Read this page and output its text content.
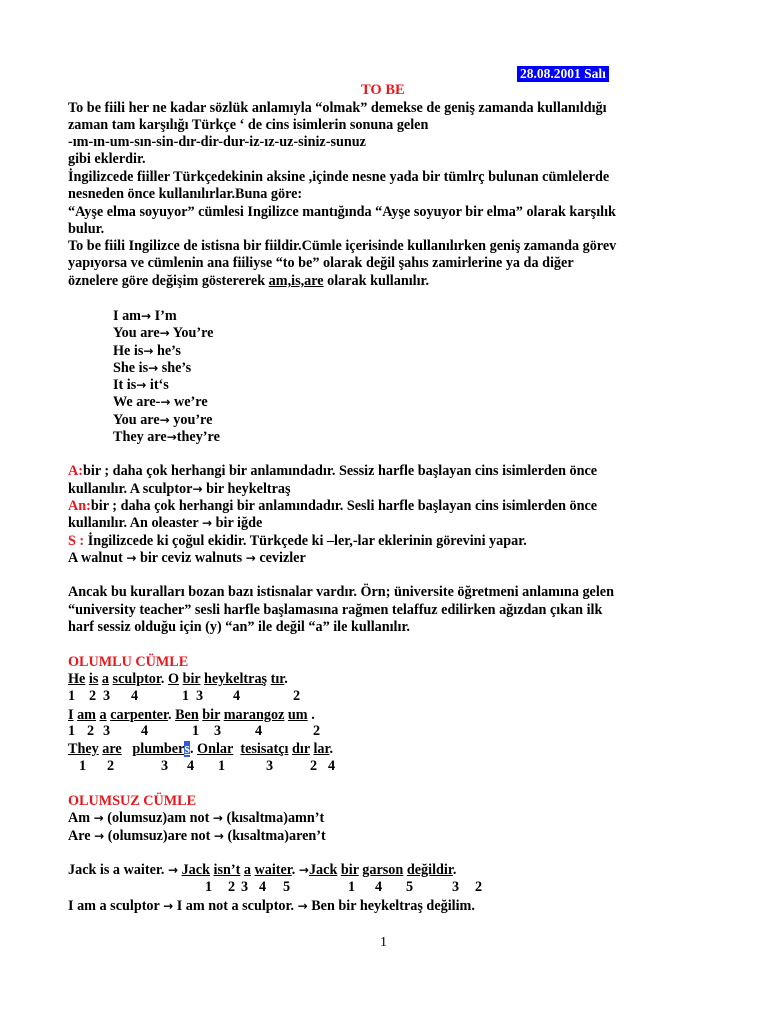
28.08.2001 Salı
TO BE
To be fiili her ne kadar sözlük anlamıyla “olmak” demekse de geniş zamanda kullanıldığı
zaman tam karşılığı Türkçe ‘ de cins isimlerin sonuna gelen
-ım-ın-um-sın-sin-dır-dir-dur-iz-ız-uz-siniz-sunuz
gibi eklerdir.
İngilizcede fiiller Türkçedekinin aksine ,içinde nesne yada bir tümlrç bulunan cümlelerde
nesneden önce kullanılırlar.Buna göre:
“Ayşe elma soyuyor” cümlesi Ingilizce mantığında “Ayşe soyuyor bir elma” olarak karşılık
bulur.
To be fiili Ingilizce de istisna bir fiildir.Cümle içerisinde kullanılırken geniş zamanda görev
yapıyorsa ve cümlenin ana fiiliyse “to be” olarak değil şahıs zamirlerine ya da diğer
öznelere göre değişim göstererek am,is,are olarak kullanılır.
I am→ I’m
You are→ You’re
He is→ he’s
She is→ she’s
It is→ it‘s
We are-→ we’re
You are→ you’re
They are→they’re
A:bir ; daha çok herhangi bir anlamındadır. Sessiz harfle başlayan cins isimlerden önce
kullanılır. A sculptor→ bir heykeltraş
An:bir ; daha çok herhangi bir anlamındadır. Sesli harfle başlayan cins isimlerden önce
kullanılır. An oleaster → bir iğde
S : İngilizcede ki çoğul ekidir. Türkçede ki –ler,-lar eklerinin görevini yapar.
A walnut → bir ceviz walnuts → cevizler
Ancak bu kuralları bozan bazı istisnalar vardır. Örn; üniversite öğretmeni anlamına gelen
“university teacher” sesli harfle başlamasına rağmen telaffuz edilirken ağızdan çıkan ilk
harf sessiz olduğu için (y) “an” ile değil “a” ile kullanılır.
OLUMLU CÜMLE
He is a sculptor. O bir heykeltraş tır.
1 2 3 4	1 3 4	2
I am a carpenter. Ben bir marangoz um .
1 2 3 4	1 3 4	2
They are plumbers. Onlar tesisatçı dır lar.
1 2	3 4 1	3	2 4
OLUMSUZ CÜMLE
Am → (olumsuz)am not → (kısaltma)amn’t
Are → (olumsuz)are not → (kısaltma)aren’t
Jack is a waiter. → Jack isn’t a waiter. →Jack bir garson değildir.
1 2 3 4 5	1 4 5	3 2
I am a sculptor → I am not a sculptor. → Ben bir heykeltraş değilim.
1
